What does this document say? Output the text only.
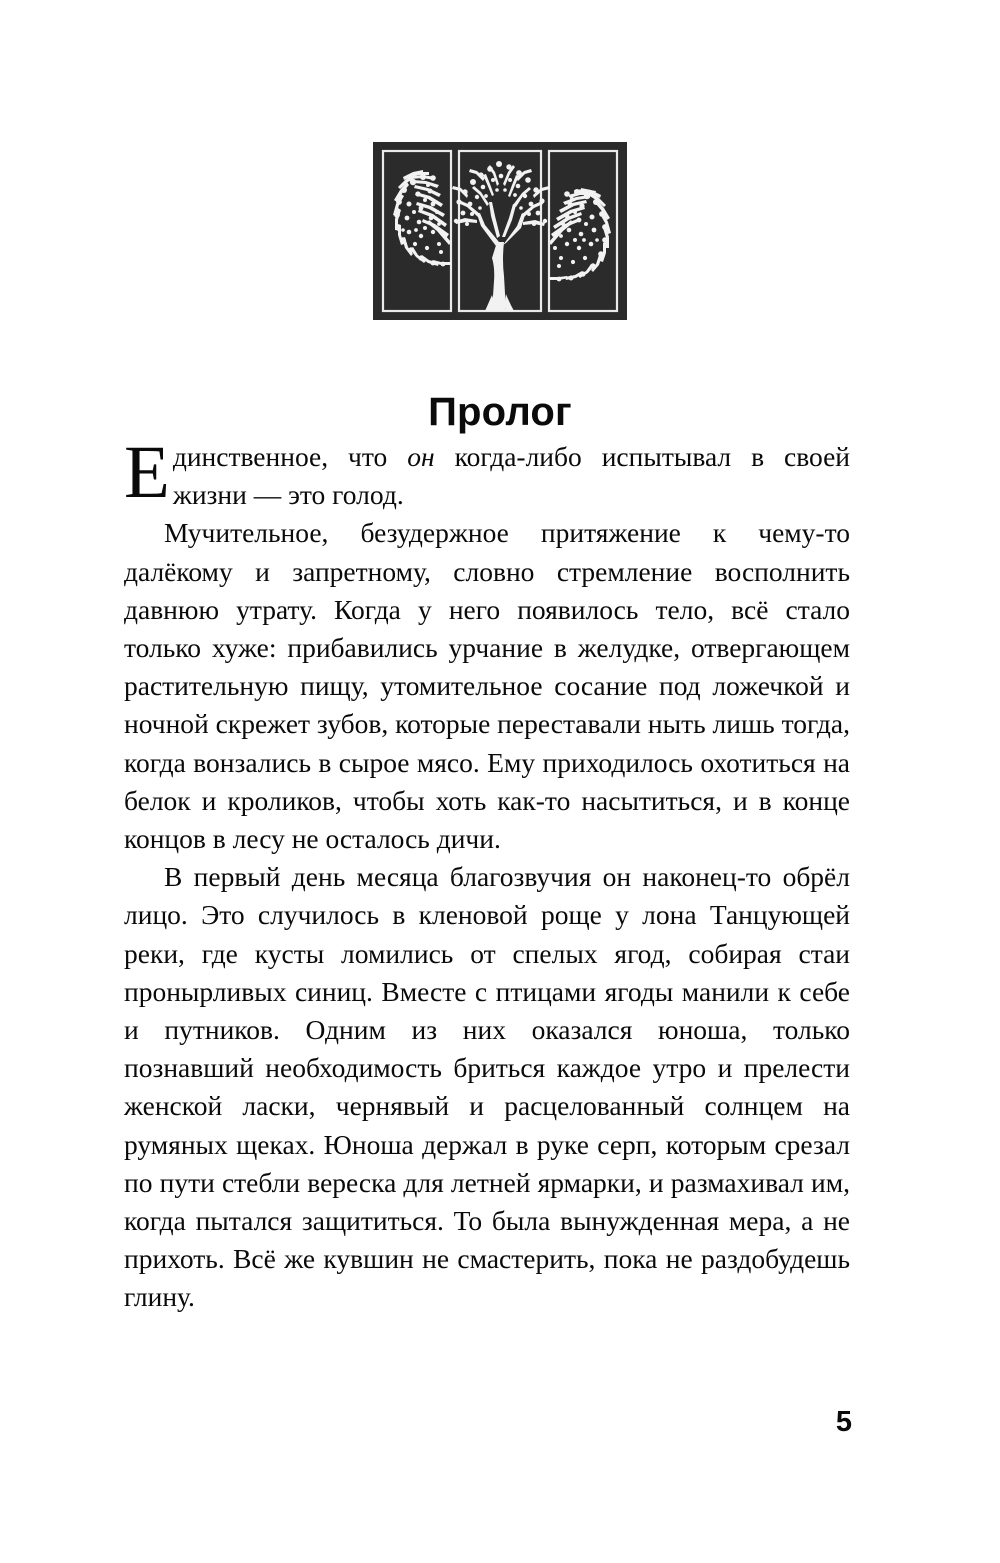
Пролог

Единственное, что он когда-либо испытывал в своей жизни — это голод.

Мучительное, безудержное притяжение к чему-то далёкому и запретному, словно стремление восполнить давнюю утрату. Когда у него появилось тело, всё стало только хуже: прибавились урчание в желудке, отвергающем растительную пищу, утомительное сосание под ложечкой и ночной скрежет зубов, которые переставали ныть лишь тогда, когда вонзались в сырое мясо. Ему приходилось охотиться на белок и кроликов, чтобы хоть как-то насытиться, и в конце концов в лесу не осталось дичи.

В первый день месяца благозвучия он наконец-то обрёл лицо. Это случилось в кленовой роще у лона Танцующей реки, где кусты ломились от спелых ягод, собирая стаи пронырливых синиц. Вместе с птицами ягоды манили к себе и путников. Одним из них оказался юноша, только познавший необходимость бриться каждое утро и прелести женской ласки, чернявый и расцелованный солнцем на румяных щеках. Юноша держал в руке серп, которым срезал по пути стебли вереска для летней ярмарки, и размахивал им, когда пытался защититься. То была вынужденная мера, а не прихоть. Всё же кувшин не смастерить, пока не раздобудешь глину.

5
